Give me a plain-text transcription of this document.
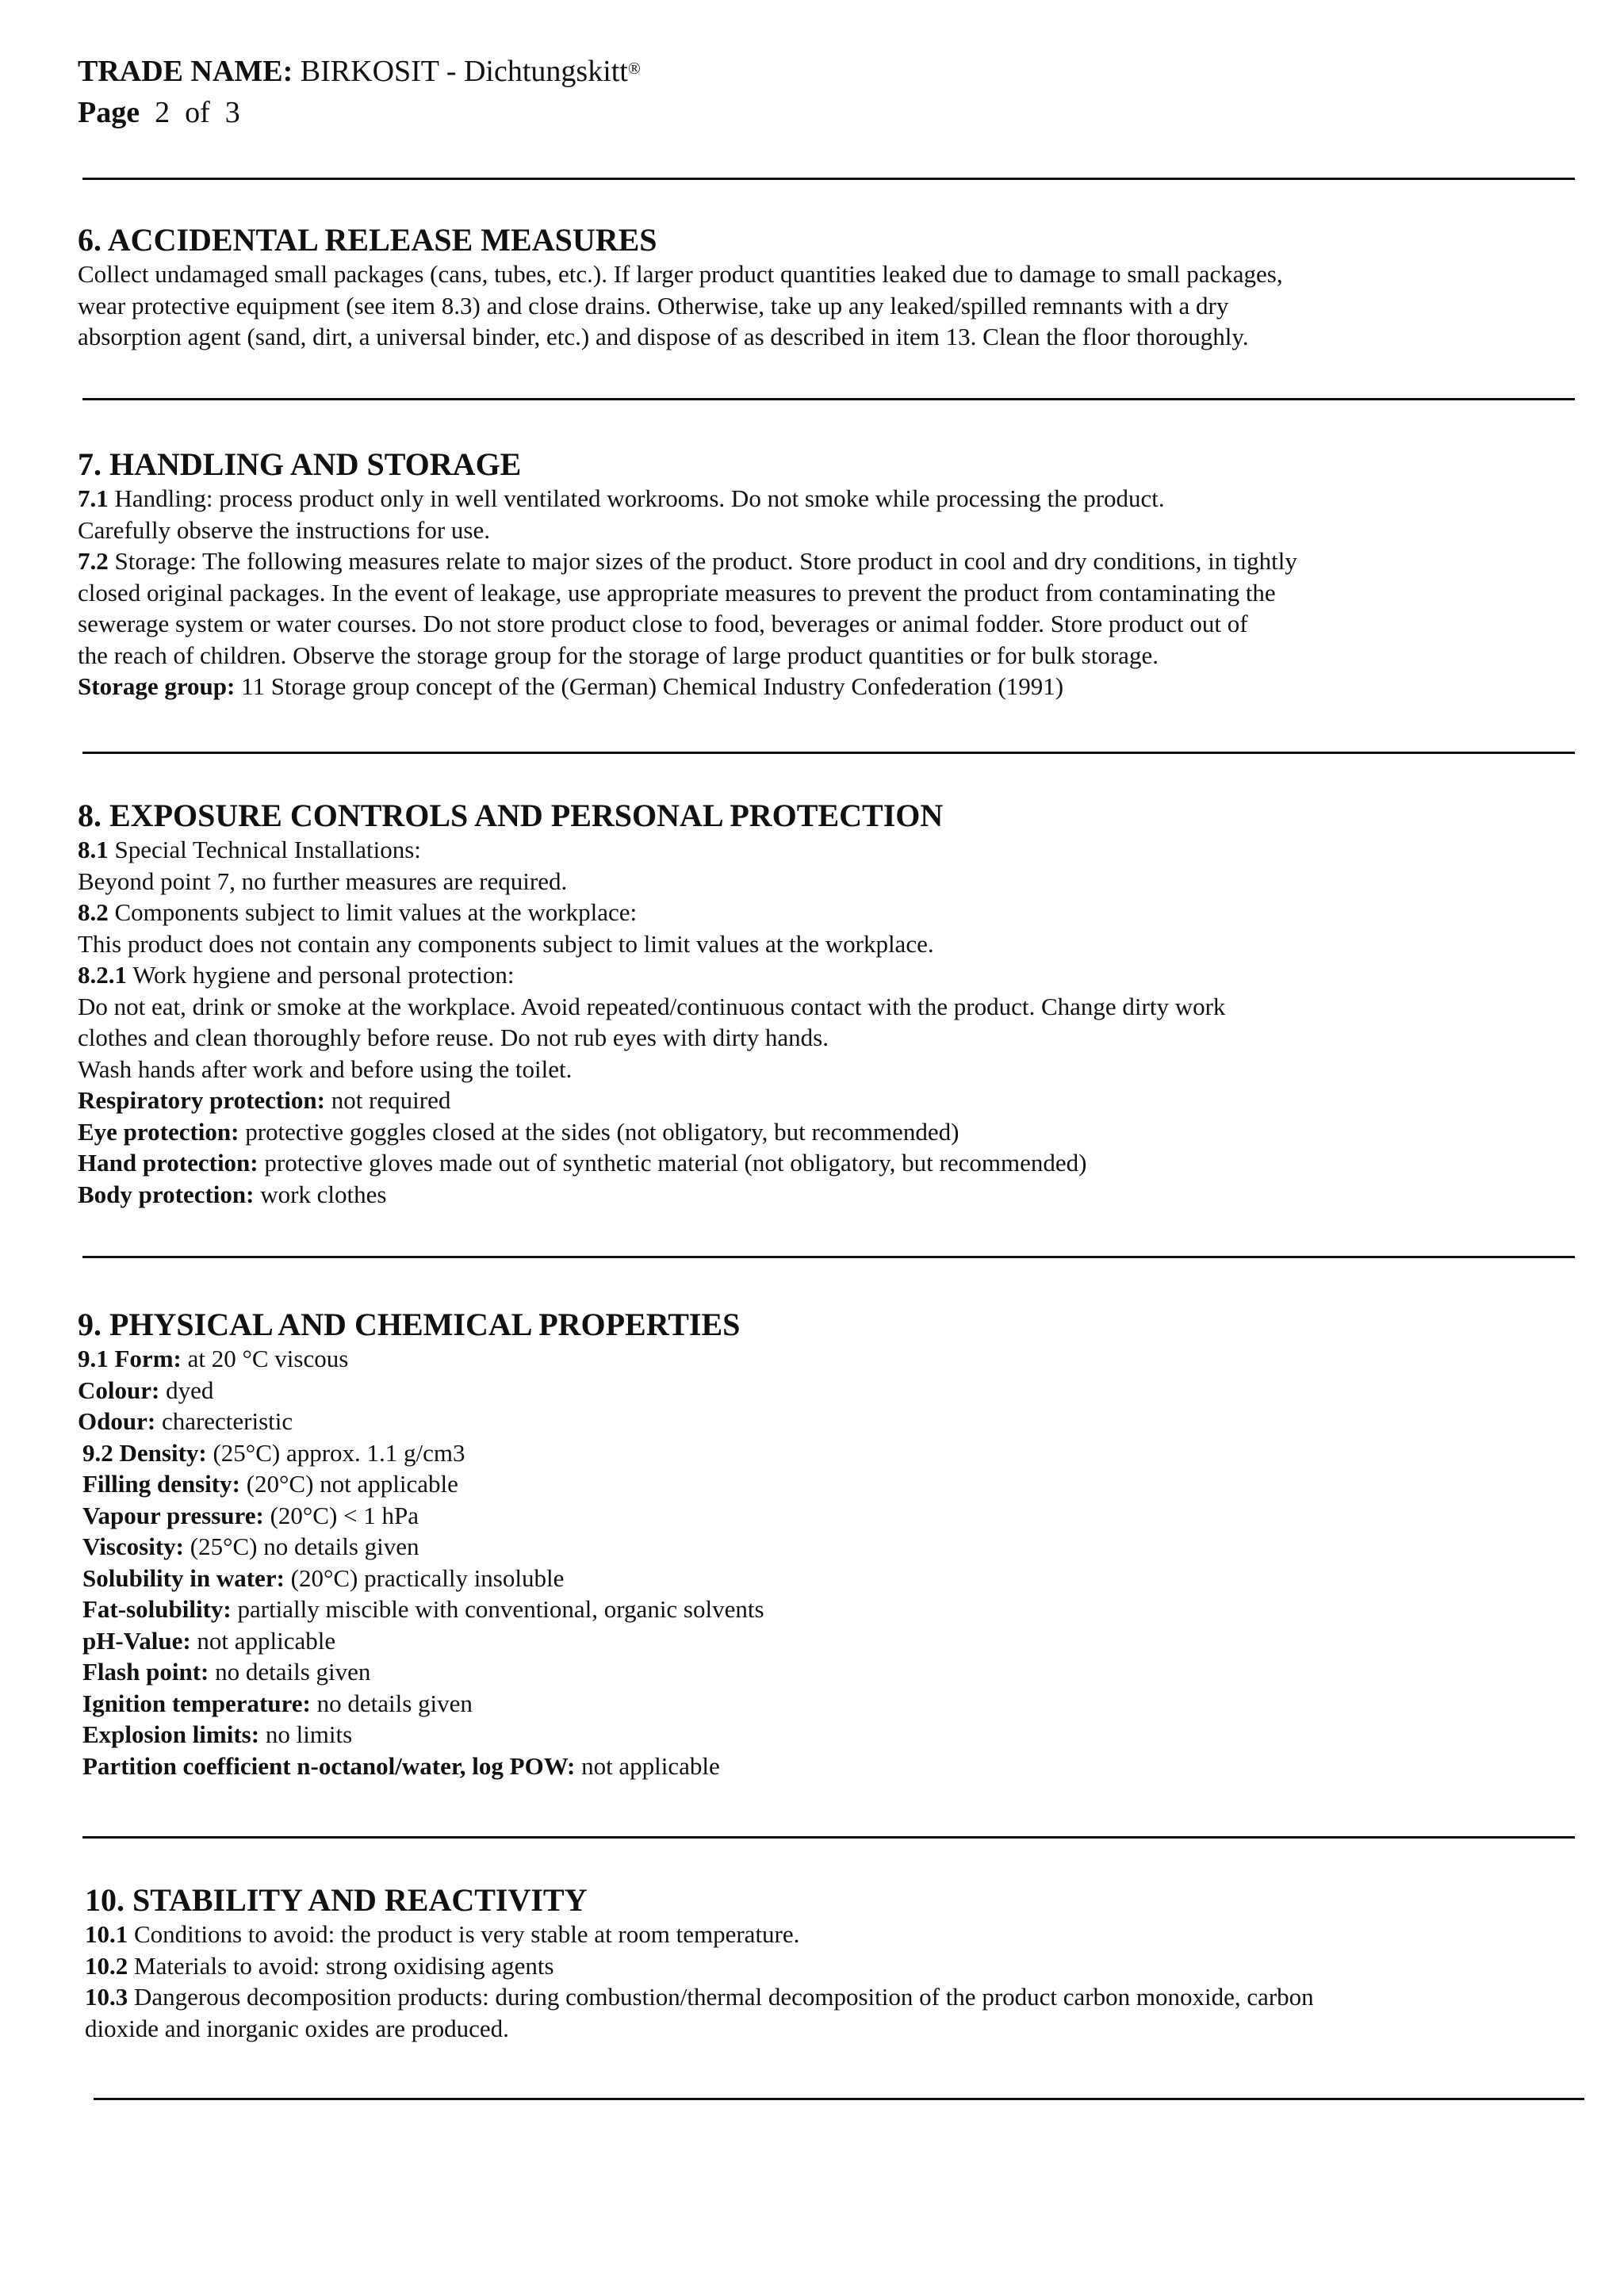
TRADE NAME: BIRKOSIT - Dichtungskitt®
Page 2 of 3
6. ACCIDENTAL RELEASE MEASURES
Collect undamaged small packages (cans, tubes, etc.). If larger product quantities leaked due to damage to small packages,
wear protective equipment (see item 8.3) and close drains. Otherwise, take up any leaked/spilled remnants with a dry
absorption agent (sand, dirt, a universal binder, etc.) and dispose of as described in item 13. Clean the floor thoroughly.
7. HANDLING AND STORAGE
7.1 Handling: process product only in well ventilated workrooms. Do not smoke while processing the product.
Carefully observe the instructions for use.
7.2 Storage: The following measures relate to major sizes of the product. Store product in cool and dry conditions, in tightly
closed original packages. In the event of leakage, use appropriate measures to prevent the product from contaminating the
sewerage system or water courses. Do not store product close to food, beverages or animal fodder. Store product out of
the reach of children. Observe the storage group for the storage of large product quantities or for bulk storage.
Storage group: 11 Storage group concept of the (German) Chemical Industry Confederation (1991)
8. EXPOSURE CONTROLS AND PERSONAL PROTECTION
8.1 Special Technical Installations:
Beyond point 7, no further measures are required.
8.2 Components subject to limit values at the workplace:
This product does not contain any components subject to limit values at the workplace.
8.2.1 Work hygiene and personal protection:
Do not eat, drink or smoke at the workplace. Avoid repeated/continuous contact with the product. Change dirty work
clothes and clean thoroughly before reuse. Do not rub eyes with dirty hands.
Wash hands after work and before using the toilet.
Respiratory protection: not required
Eye protection: protective goggles closed at the sides (not obligatory, but recommended)
Hand protection: protective gloves made out of synthetic material (not obligatory, but recommended)
Body protection: work clothes
9. PHYSICAL AND CHEMICAL PROPERTIES
9.1 Form: at 20 °C viscous
Colour: dyed
Odour: charecteristic
9.2 Density: (25°C) approx. 1.1 g/cm3
Filling density: (20°C) not applicable
Vapour pressure: (20°C) < 1 hPa
Viscosity: (25°C) no details given
Solubility in water: (20°C) practically insoluble
Fat-solubility: partially miscible with conventional, organic solvents
pH-Value: not applicable
Flash point: no details given
Ignition temperature: no details given
Explosion limits: no limits
Partition coefficient n-octanol/water, log POW: not applicable
10. STABILITY AND REACTIVITY
10.1 Conditions to avoid: the product is very stable at room temperature.
10.2 Materials to avoid: strong oxidising agents
10.3 Dangerous decomposition products: during combustion/thermal decomposition of the product carbon monoxide, carbon
dioxide and inorganic oxides are produced.
